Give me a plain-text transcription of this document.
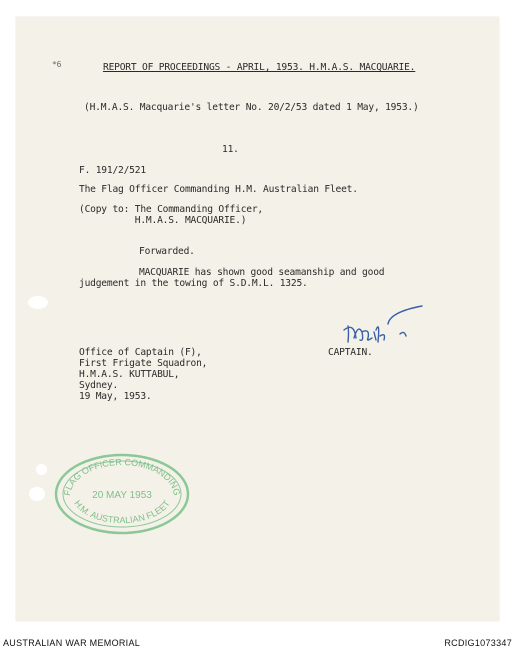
*6	REPORT OF PROCEEDINGS - APRIL, 1953. H.M.A.S. MACQUARIE.
(H.M.A.S. Macquarie's letter No. 20/2/53 dated 1 May, 1953.)
11.
F. 191/2/521
The Flag Officer Commanding H.M. Australian Fleet.
(Copy to: The Commanding Officer,
H.M.A.S. MACQUARIE.)
Forwarded.
MACQUARIE has shown good seamanship and good
judgement in the towing of S.D.M.L. 1325.
CAPTAIN.
Office of Captain (F),
First Frigate Squadron,
H.M.A.S. KUTTABUL,
Sydney.
19 May, 1953.
FLAG OFFICER COMMANDING
20 MAY 1953
H.M. AUSTRALIAN FLEET
AUSTRALIAN WAR MEMORIAL	RCDIG1073347
